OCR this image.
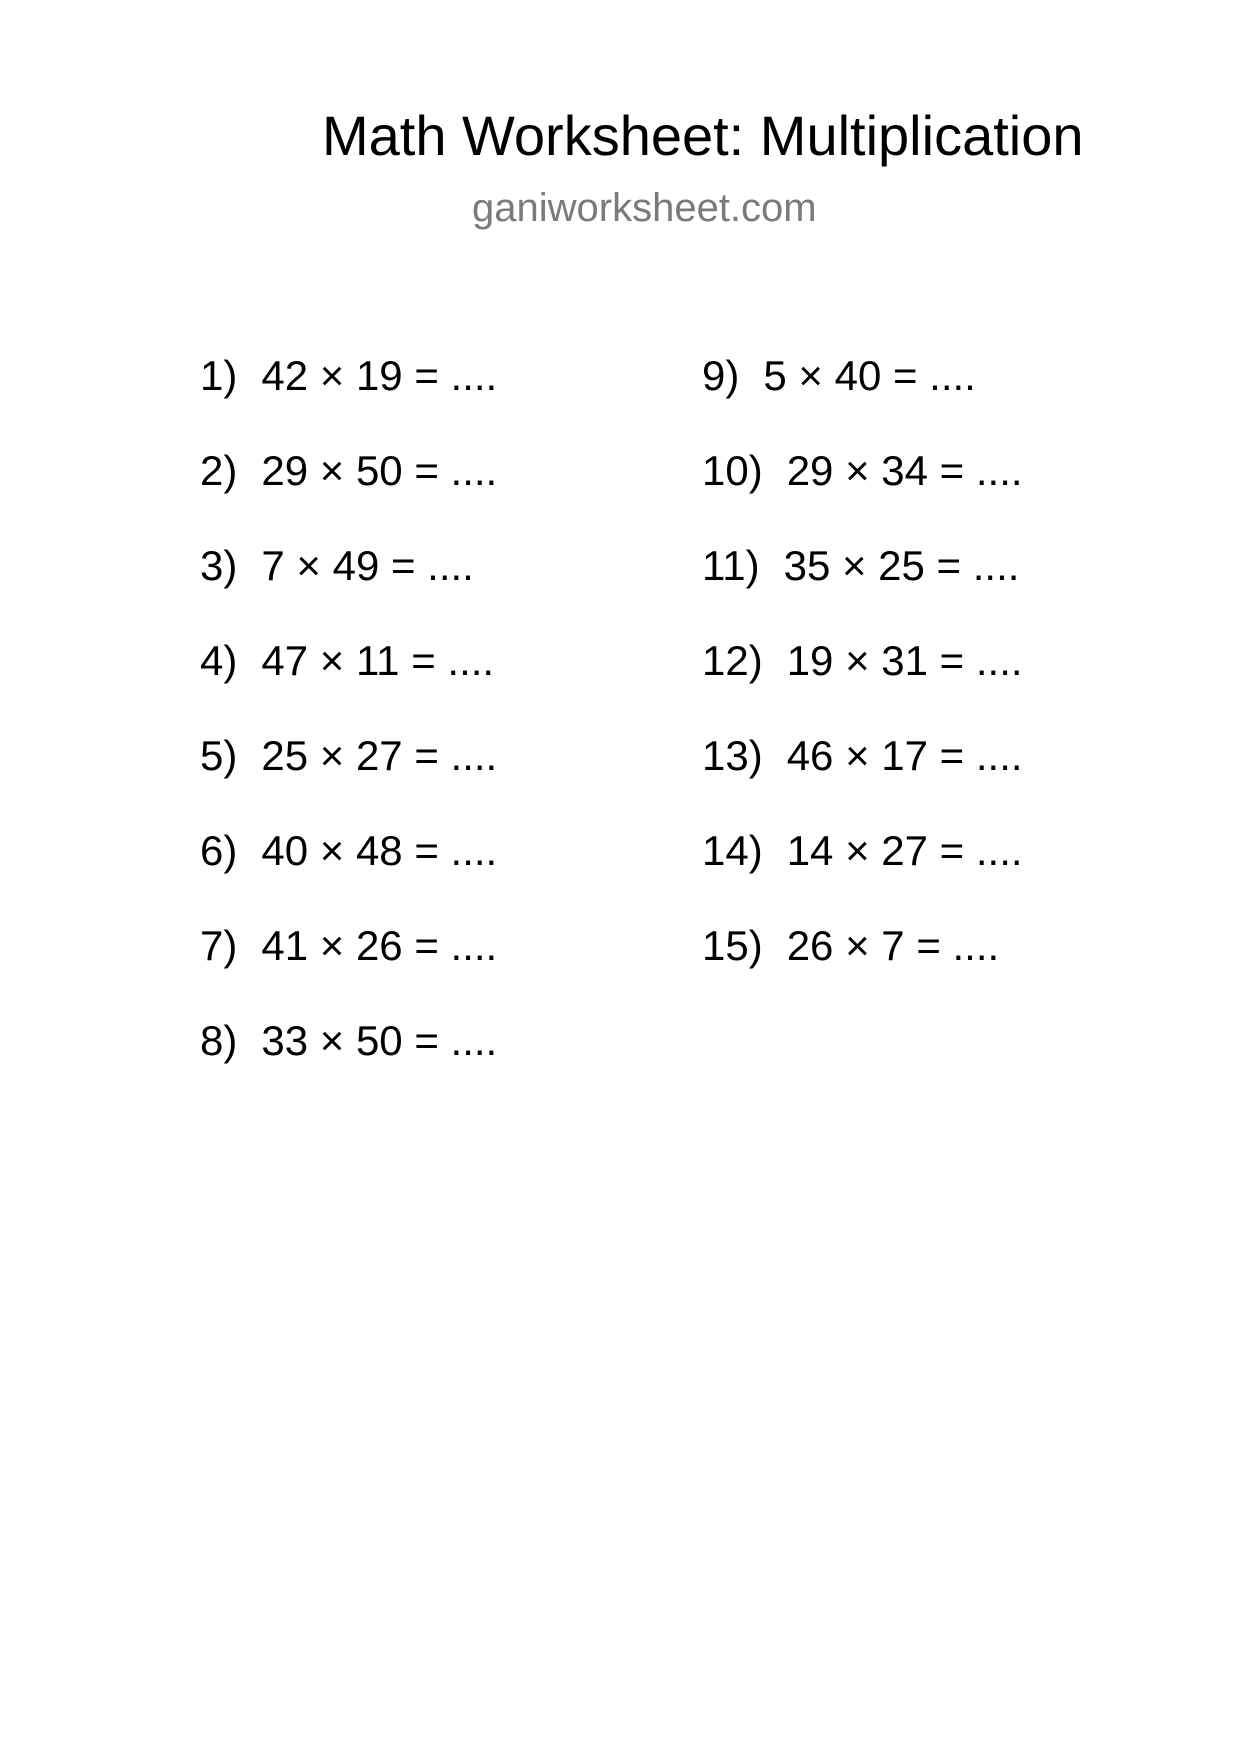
Math Worksheet: Multiplication
ganiworksheet.com
1) 42 × 19 = ....
2) 29 × 50 = ....
3) 7 × 49 = ....
4) 47 × 11 = ....
5) 25 × 27 = ....
6) 40 × 48 = ....
7) 41 × 26 = ....
8) 33 × 50 = ....
9) 5 × 40 = ....
10) 29 × 34 = ....
11) 35 × 25 = ....
12) 19 × 31 = ....
13) 46 × 17 = ....
14) 14 × 27 = ....
15) 26 × 7 = ....
